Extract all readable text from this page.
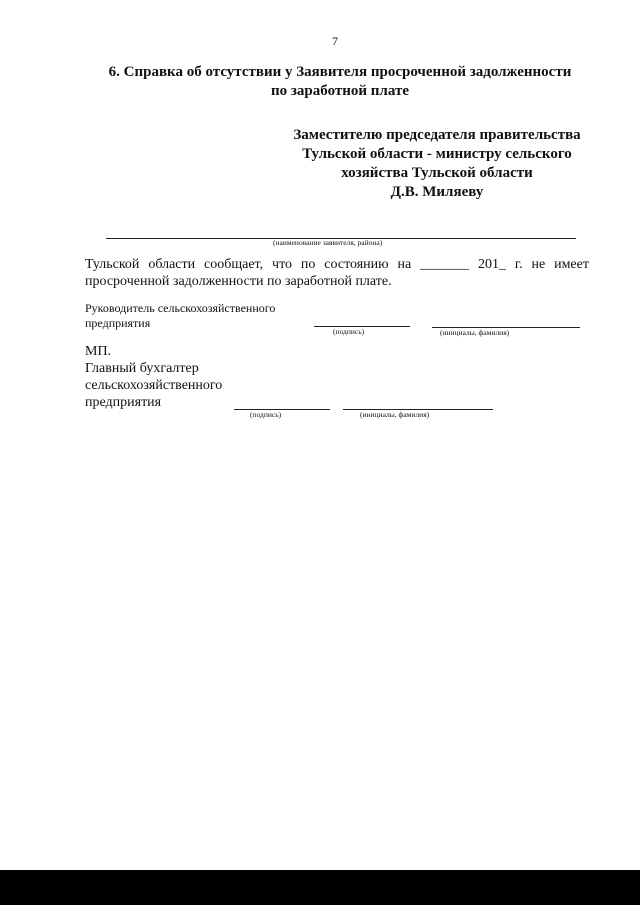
7
6. Справка об отсутствии у Заявителя просроченной задолженности
по заработной плате
Заместителю председателя правительства
Тульской области - министру сельского
хозяйства Тульской области
Д.В. Миляеву
(наименование заявителя, района)
Тульской области сообщает, что по состоянию на _______ 201_ г. не имеет
просроченной задолженности по заработной плате.
Руководитель сельскохозяйственного
предприятия
(подпись)	(инициалы, фамилия)
МП.
Главный бухгалтер
сельскохозяйственного
предприятия
(подпись)	(инициалы, фамилия)
